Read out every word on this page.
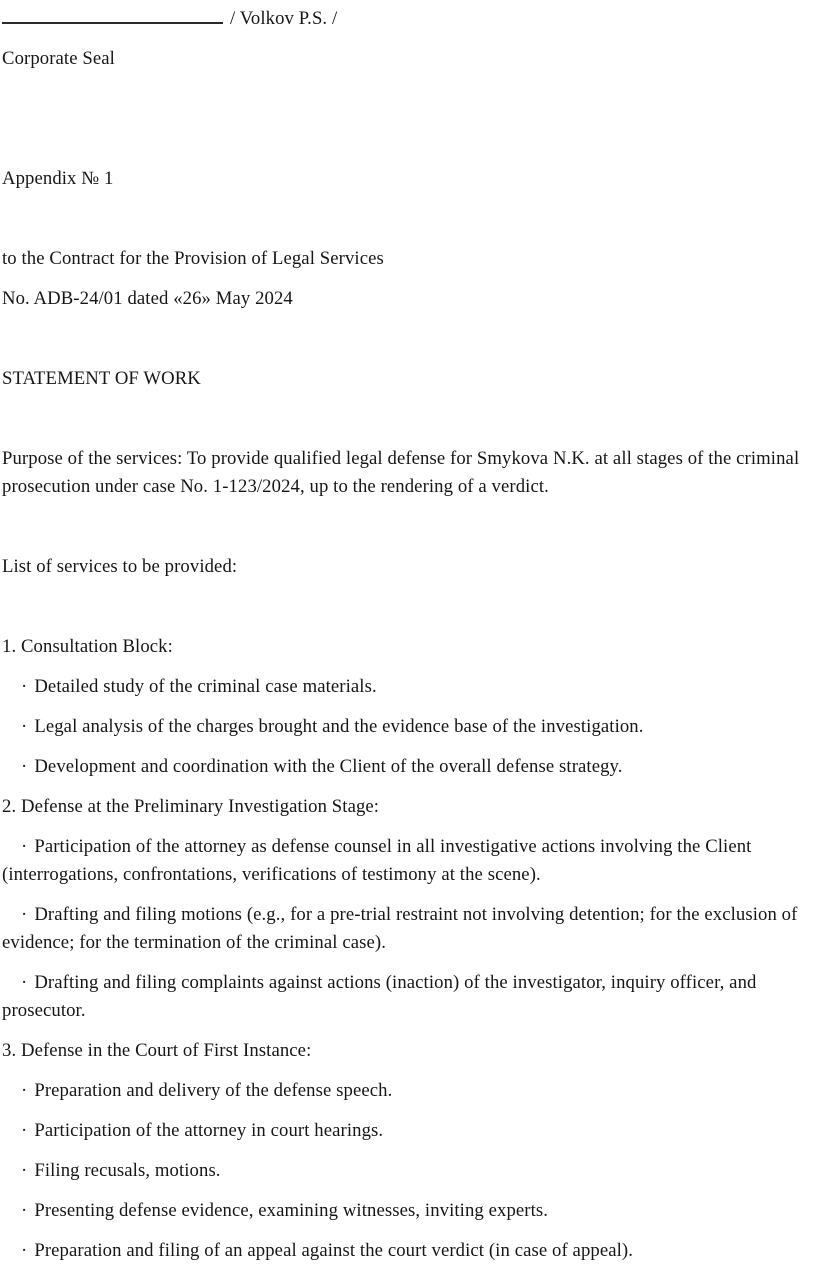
/ Volkov P.S. /

Corporate Seal

Appendix № 1

to the Contract for the Provision of Legal Services

No. ADB-24/01 dated «26» May 2024

STATEMENT OF WORK

Purpose of the services: To provide qualified legal defense for Smykova N.K. at all stages of the criminal prosecution under case No. 1-123/2024, up to the rendering of a verdict.

List of services to be provided:

1. Consultation Block:

· Detailed study of the criminal case materials.

· Legal analysis of the charges brought and the evidence base of the investigation.

· Development and coordination with the Client of the overall defense strategy.

2. Defense at the Preliminary Investigation Stage:

· Participation of the attorney as defense counsel in all investigative actions involving the Client (interrogations, confrontations, verifications of testimony at the scene).

· Drafting and filing motions (e.g., for a pre-trial restraint not involving detention; for the exclusion of evidence; for the termination of the criminal case).

· Drafting and filing complaints against actions (inaction) of the investigator, inquiry officer, and prosecutor.

3. Defense in the Court of First Instance:

· Preparation and delivery of the defense speech.

· Participation of the attorney in court hearings.

· Filing recusals, motions.

· Presenting defense evidence, examining witnesses, inviting experts.

· Preparation and filing of an appeal against the court verdict (in case of appeal).
